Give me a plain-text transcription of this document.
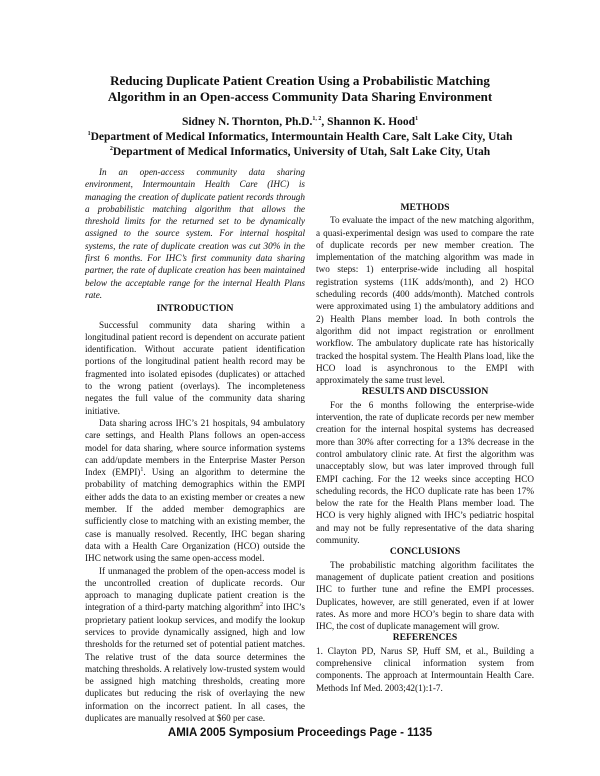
Reducing Duplicate Patient Creation Using a Probabilistic Matching
Algorithm in an Open-access Community Data Sharing Environment
Sidney N. Thornton, Ph.D.$^{1, 2}$, Shannon K. Hood$^1$
$^1$Department of Medical Informatics, Intermountain Health Care, Salt Lake City, Utah
$^2$Department of Medical Informatics, University of Utah, Salt Lake City, Utah

In an open-access community data sharing environment, Intermountain Health Care (IHC) is managing the creation of duplicate patient records through a probabilistic matching algorithm that allows the threshold limits for the returned set to be dynamically assigned to the source system. For internal hospital systems, the rate of duplicate creation was cut 30% in the first 6 months. For IHC’s first community data sharing partner, the rate of duplicate creation has been maintained below the acceptable range for the internal Health Plans rate.

INTRODUCTION

Successful community data sharing within a longitudinal patient record is dependent on accurate patient identification. Without accurate patient identification portions of the longitudinal patient health record may be fragmented into isolated episodes (duplicates) or attached to the wrong patient (overlays). The incompleteness negates the full value of the community data sharing initiative.

Data sharing across IHC’s 21 hospitals, 94 ambulatory care settings, and Health Plans follows an open-access model for data sharing, where source information systems can add/update members in the Enterprise Master Person Index (EMPI)$^1$. Using an algorithm to determine the probability of matching demographics within the EMPI either adds the data to an existing member or creates a new member. If the added member demographics are sufficiently close to matching with an existing member, the case is manually resolved. Recently, IHC began sharing data with a Health Care Organization (HCO) outside the IHC network using the same open-access model.

If unmanaged the problem of the open-access model is the uncontrolled creation of duplicate records. Our approach to managing duplicate patient creation is the integration of a third-party matching algorithm$^2$ into IHC’s proprietary patient lookup services, and modify the lookup services to provide dynamically assigned, high and low thresholds for the returned set of potential patient matches. The relative trust of the data source determines the matching thresholds. A relatively low-trusted system would be assigned high matching thresholds, creating more duplicates but reducing the risk of overlaying the new information on the incorrect patient. In all cases, the duplicates are manually resolved at $60 per case.

METHODS

To evaluate the impact of the new matching algorithm, a quasi-experimental design was used to compare the rate of duplicate records per new member creation. The implementation of the matching algorithm was made in two steps: 1) enterprise-wide including all hospital registration systems (11K adds/month), and 2) HCO scheduling records (400 adds/month). Matched controls were approximated using 1) the ambulatory additions and 2) Health Plans member load. In both controls the algorithm did not impact registration or enrollment workflow. The ambulatory duplicate rate has historically tracked the hospital system. The Health Plans load, like the HCO load is asynchronous to the EMPI with approximately the same trust level.

RESULTS AND DISCUSSION

For the 6 months following the enterprise-wide intervention, the rate of duplicate records per new member creation for the internal hospital systems has decreased more than 30% after correcting for a 13% decrease in the control ambulatory clinic rate. At first the algorithm was unacceptably slow, but was later improved through full EMPI caching. For the 12 weeks since accepting HCO scheduling records, the HCO duplicate rate has been 17% below the rate for the Health Plans member load. The HCO is very highly aligned with IHC’s pediatric hospital and may not be fully representative of the data sharing community.

CONCLUSIONS

The probabilistic matching algorithm facilitates the management of duplicate patient creation and positions IHC to further tune and refine the EMPI processes. Duplicates, however, are still generated, even if at lower rates. As more and more HCO’s begin to share data with IHC, the cost of duplicate management will grow.

REFERENCES

1. Clayton PD, Narus SP, Huff SM, et al., Building a comprehensive clinical information system from components. The approach at Intermountain Health Care. Methods Inf Med. 2003;42(1):1-7.

AMIA 2005 Symposium Proceedings Page - 1135
